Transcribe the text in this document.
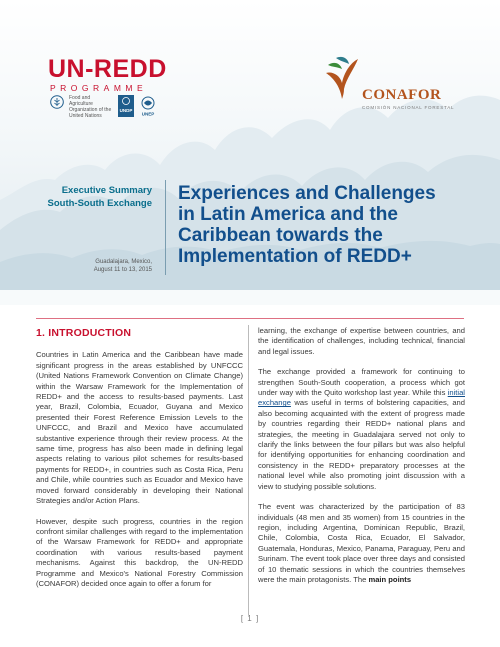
UN-REDD
PROGRAMME
Food and Agriculture Organization of the United Nations
UNDP
UNEP
CONAFOR
COMISIÓN NACIONAL FORESTAL
Executive Summary
South-South Exchange
Guadalajara, Mexico,
August 11 to 13, 2015
Experiences and Challenges
in Latin America and the
Caribbean towards the
Implementation of REDD+
1. INTRODUCTION

Countries in Latin America and the Caribbean have made significant progress in the areas established by UNFCCC (United Nations Framework Convention on Climate Change) within the Warsaw Framework for the Implementation of REDD+ and the access to results-based payments. Last year, Brazil, Colombia, Ecuador, Guyana and Mexico presented their Forest Reference Emission Levels to the UNFCCC, and Brazil and Mexico have accumulated substantive experience through their review process. At the same time, progress has also been made in defining legal aspects relating to various pilot schemes for results-based payments for REDD+, in countries such as Costa Rica, Peru and Chile, while countries such as Ecuador and Mexico have moved forward considerably in developing their National Strategies and/or Action Plans.

However, despite such progress, countries in the region confront similar challenges with regard to the implementation of the Warsaw Framework for REDD+ and appropriate coordination with various results-based payment mechanisms. Against this backdrop, the UN-REDD Programme and Mexico's National Forestry Commission (CONAFOR) decided once again to offer a forum for

learning, the exchange of expertise between countries, and the identification of challenges, including technical, financial and legal issues.

The exchange provided a framework for continuing to strengthen South-South cooperation, a process which got under way with the Quito workshop last year. While this initial exchange was useful in terms of bolstering capacities, and also becoming acquainted with the extent of progress made by countries regarding their REDD+ national plans and strategies, the meeting in Guadalajara served not only to clarify the links between the four pillars but was also helpful for identifying opportunities for enhancing coordination and consistency in the REDD+ preparatory processes at the national level while also promoting joint discussion with a view to studying possible solutions.

The event was characterized by the participation of 83 individuals (48 men and 35 women) from 15 countries in the region, including Argentina, Dominican Republic, Brazil, Chile, Colombia, Costa Rica, Ecuador, El Salvador, Guatemala, Honduras, Mexico, Panama, Paraguay, Peru and Surinam. The event took place over three days and consisted of 10 thematic sessions in which the countries themselves were the main protagonists. The main points

[ 1 ]
